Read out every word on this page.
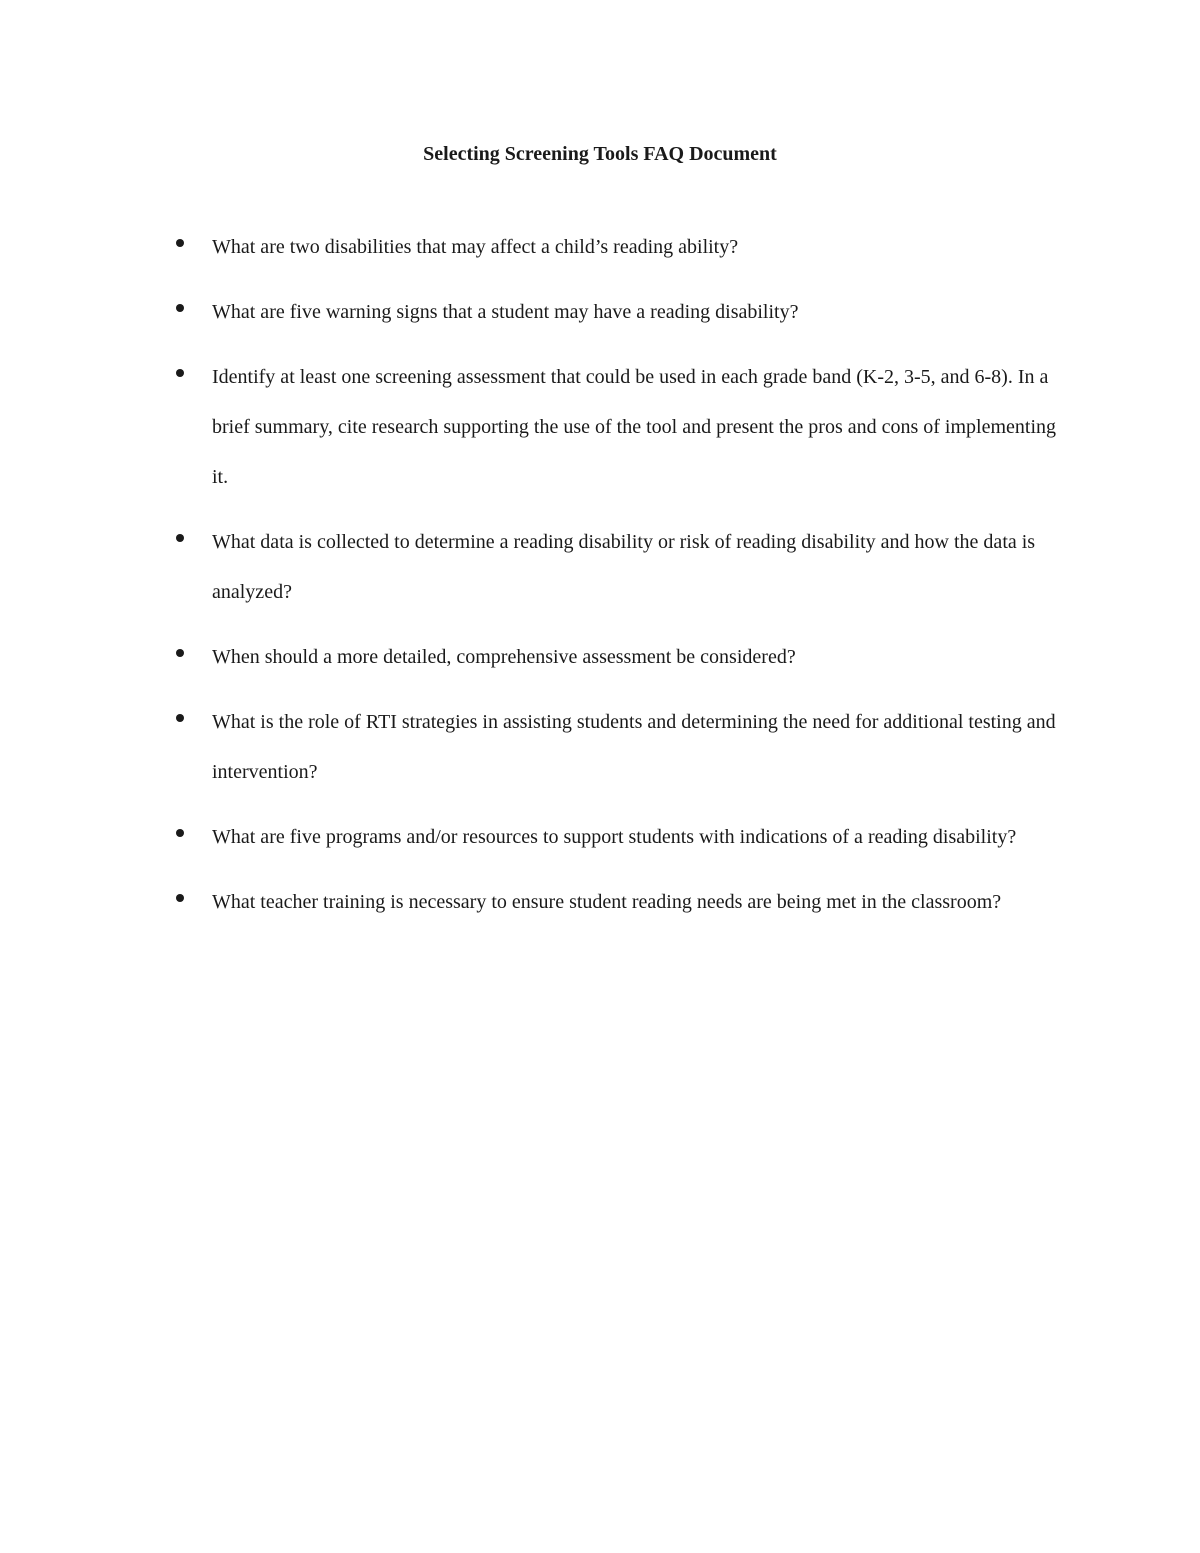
Selecting Screening Tools FAQ Document
What are two disabilities that may affect a child’s reading ability?
What are five warning signs that a student may have a reading disability?
Identify at least one screening assessment that could be used in each grade band (K-2, 3-5, and 6-8). In a brief summary, cite research supporting the use of the tool and present the pros and cons of implementing it.
What data is collected to determine a reading disability or risk of reading disability and how the data is analyzed?
When should a more detailed, comprehensive assessment be considered?
What is the role of RTI strategies in assisting students and determining the need for additional testing and intervention?
What are five programs and/or resources to support students with indications of a reading disability?
What teacher training is necessary to ensure student reading needs are being met in the classroom?
